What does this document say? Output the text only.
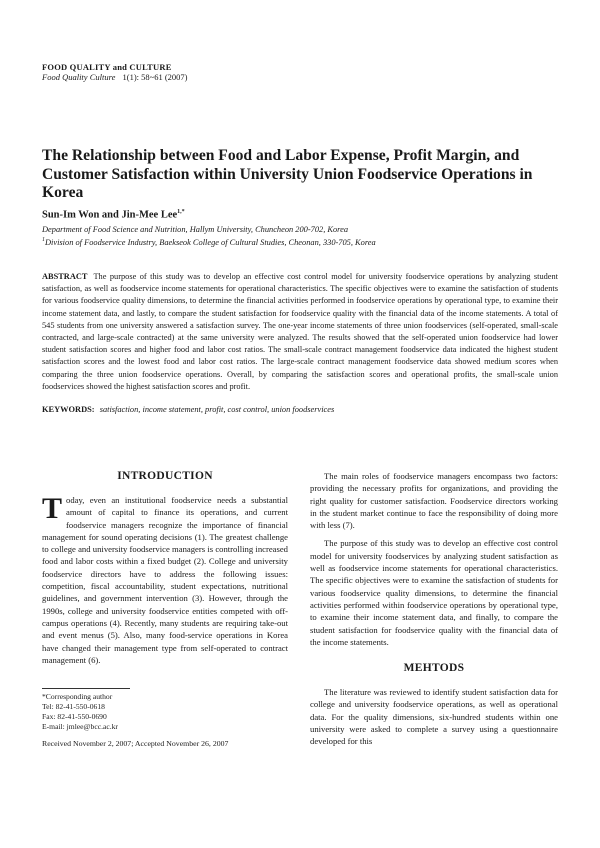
FOOD QUALITY and CULTURE
Food Quality Culture 1(1): 58~61 (2007)
The Relationship between Food and Labor Expense, Profit Margin, and Customer Satisfaction within University Union Foodservice Operations in Korea
Sun-Im Won and Jin-Mee Lee$^{1,*}$
Department of Food Science and Nutrition, Hallym University, Chuncheon 200-702, Korea
$^1$Division of Foodservice Industry, Baekseok College of Cultural Studies, Cheonan, 330-705, Korea
ABSTRACT The purpose of this study was to develop an effective cost control model for university foodservice operations by analyzing student satisfaction, as well as foodservice income statements for operational characteristics. The specific objectives were to examine the satisfaction of students for various foodservice quality dimensions, to determine the financial activities performed in foodservice operations by operational type, to examine their income statement data, and lastly, to compare the student satisfaction for foodservice quality with the financial data of the income statements. A total of 545 students from one university answered a satisfaction survey. The one-year income statements of three union foodservices (self-operated, small-scale contracted, and large-scale contracted) at the same university were analyzed. The results showed that the self-operated union foodservice had lower student satisfaction scores and higher food and labor cost ratios. The small-scale contract management foodservice data indicated the highest student satisfaction scores and the lowest food and labor cost ratios. The large-scale contract management foodservice data showed medium scores when comparing the three union foodservice operations. Overall, by comparing the satisfaction scores and operational profits, the small-scale union foodservices showed the highest satisfaction scores and profit.
KEYWORDS: satisfaction, income statement, profit, cost control, union foodservices
INTRODUCTION

Today, even an institutional foodservice needs a substantial amount of capital to finance its operations, and current foodservice managers recognize the importance of financial management for sound operating decisions (1). The greatest challenge to college and university foodservice managers is controlling increased food and labor costs within a fixed budget (2). College and university foodservice directors have to address the following issues: competition, fiscal accountability, student expectations, nutritional guidelines, and government intervention (3). However, through the 1990s, college and university foodservice entities competed with off-campus operations (4). Recently, many students are requiring take-out and event menus (5). Also, many food-service operations in Korea have changed their management type from self-operated to contract management (6).

*Corresponding author
Tel: 82-41-550-0618
Fax: 82-41-550-0690
E-mail: jmlee@bcc.ac.kr
Received November 2, 2007; Accepted November 26, 2007

The main roles of foodservice managers encompass two factors: providing the necessary profits for organizations, and providing the right quality for customer satisfaction. Foodservice directors working in the student market continue to face the responsibility of doing more with less (7).

The purpose of this study was to develop an effective cost control model for university foodservices by analyzing student satisfaction as well as foodservice income statements for operational characteristics. The specific objectives were to examine the satisfaction of students for various foodservice quality dimensions, to determine the financial activities performed within foodservice operations by operational type, to examine their income statement data, and finally, to compare the student satisfaction for foodservice quality with the financial data of the income statements.

MEHTODS

The literature was reviewed to identify student satisfaction data for college and university foodservice operations, as well as operational data. For the quality dimensions, six-hundred students within one university were asked to complete a survey using a questionnaire developed for this
